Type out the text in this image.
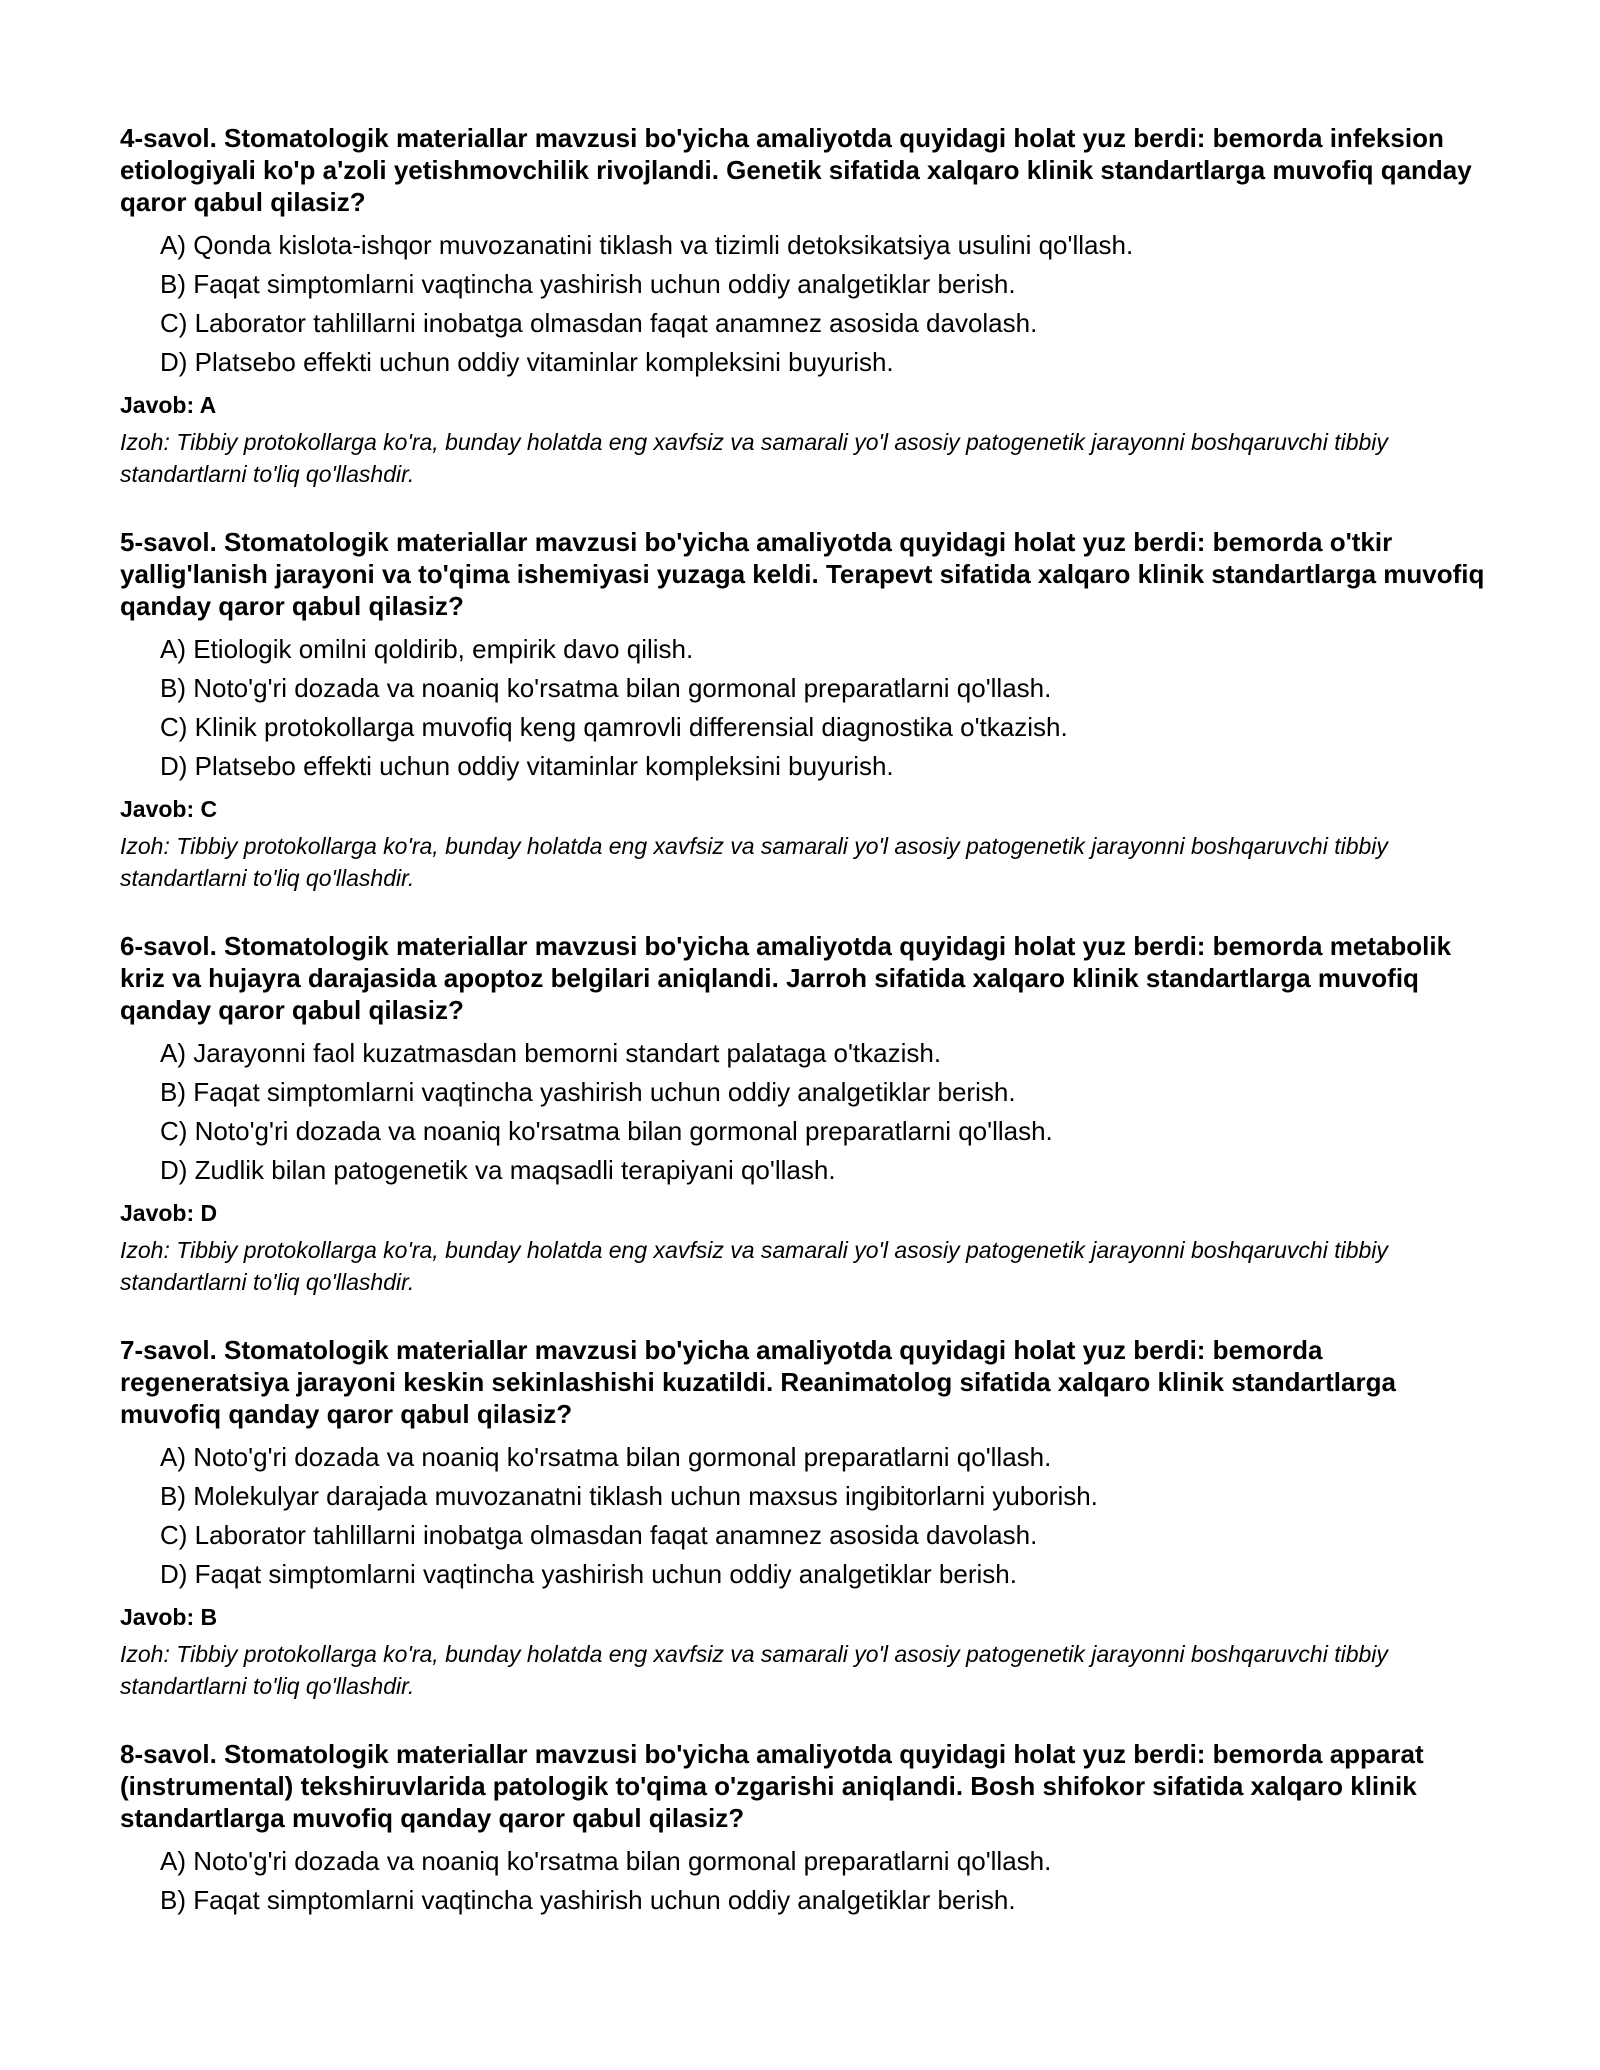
4-savol. Stomatologik materiallar mavzusi bo'yicha amaliyotda quyidagi holat yuz berdi: bemorda infeksion etiologiyali ko'p a'zoli yetishmovchilik rivojlandi. Genetik sifatida xalqaro klinik standartlarga muvofiq qanday qaror qabul qilasiz?
A) Qonda kislota-ishqor muvozanatini tiklash va tizimli detoksikatsiya usulini qo'llash.
B) Faqat simptomlarni vaqtincha yashirish uchun oddiy analgetiklar berish.
C) Laborator tahlillarni inobatga olmasdan faqat anamnez asosida davolash.
D) Platsebo effekti uchun oddiy vitaminlar kompleksini buyurish.
Javob: A
Izoh: Tibbiy protokollarga ko'ra, bunday holatda eng xavfsiz va samarali yo'l asosiy patogenetik jarayonni boshqaruvchi tibbiy standartlarni to'liq qo'llashdir.
5-savol. Stomatologik materiallar mavzusi bo'yicha amaliyotda quyidagi holat yuz berdi: bemorda o'tkir yallig'lanish jarayoni va to'qima ishemiyasi yuzaga keldi. Terapevt sifatida xalqaro klinik standartlarga muvofiq qanday qaror qabul qilasiz?
A) Etiologik omilni qoldirib, empirik davo qilish.
B) Noto'g'ri dozada va noaniq ko'rsatma bilan gormonal preparatlarni qo'llash.
C) Klinik protokollarga muvofiq keng qamrovli differensial diagnostika o'tkazish.
D) Platsebo effekti uchun oddiy vitaminlar kompleksini buyurish.
Javob: C
Izoh: Tibbiy protokollarga ko'ra, bunday holatda eng xavfsiz va samarali yo'l asosiy patogenetik jarayonni boshqaruvchi tibbiy standartlarni to'liq qo'llashdir.
6-savol. Stomatologik materiallar mavzusi bo'yicha amaliyotda quyidagi holat yuz berdi: bemorda metabolik kriz va hujayra darajasida apoptoz belgilari aniqlandi. Jarroh sifatida xalqaro klinik standartlarga muvofiq qanday qaror qabul qilasiz?
A) Jarayonni faol kuzatmasdan bemorni standart palataga o'tkazish.
B) Faqat simptomlarni vaqtincha yashirish uchun oddiy analgetiklar berish.
C) Noto'g'ri dozada va noaniq ko'rsatma bilan gormonal preparatlarni qo'llash.
D) Zudlik bilan patogenetik va maqsadli terapiyani qo'llash.
Javob: D
Izoh: Tibbiy protokollarga ko'ra, bunday holatda eng xavfsiz va samarali yo'l asosiy patogenetik jarayonni boshqaruvchi tibbiy standartlarni to'liq qo'llashdir.
7-savol. Stomatologik materiallar mavzusi bo'yicha amaliyotda quyidagi holat yuz berdi: bemorda regeneratsiya jarayoni keskin sekinlashishi kuzatildi. Reanimatolog sifatida xalqaro klinik standartlarga muvofiq qanday qaror qabul qilasiz?
A) Noto'g'ri dozada va noaniq ko'rsatma bilan gormonal preparatlarni qo'llash.
B) Molekulyar darajada muvozanatni tiklash uchun maxsus ingibitorlarni yuborish.
C) Laborator tahlillarni inobatga olmasdan faqat anamnez asosida davolash.
D) Faqat simptomlarni vaqtincha yashirish uchun oddiy analgetiklar berish.
Javob: B
Izoh: Tibbiy protokollarga ko'ra, bunday holatda eng xavfsiz va samarali yo'l asosiy patogenetik jarayonni boshqaruvchi tibbiy standartlarni to'liq qo'llashdir.
8-savol. Stomatologik materiallar mavzusi bo'yicha amaliyotda quyidagi holat yuz berdi: bemorda apparat (instrumental) tekshiruvlarida patologik to'qima o'zgarishi aniqlandi. Bosh shifokor sifatida xalqaro klinik standartlarga muvofiq qanday qaror qabul qilasiz?
A) Noto'g'ri dozada va noaniq ko'rsatma bilan gormonal preparatlarni qo'llash.
B) Faqat simptomlarni vaqtincha yashirish uchun oddiy analgetiklar berish.
